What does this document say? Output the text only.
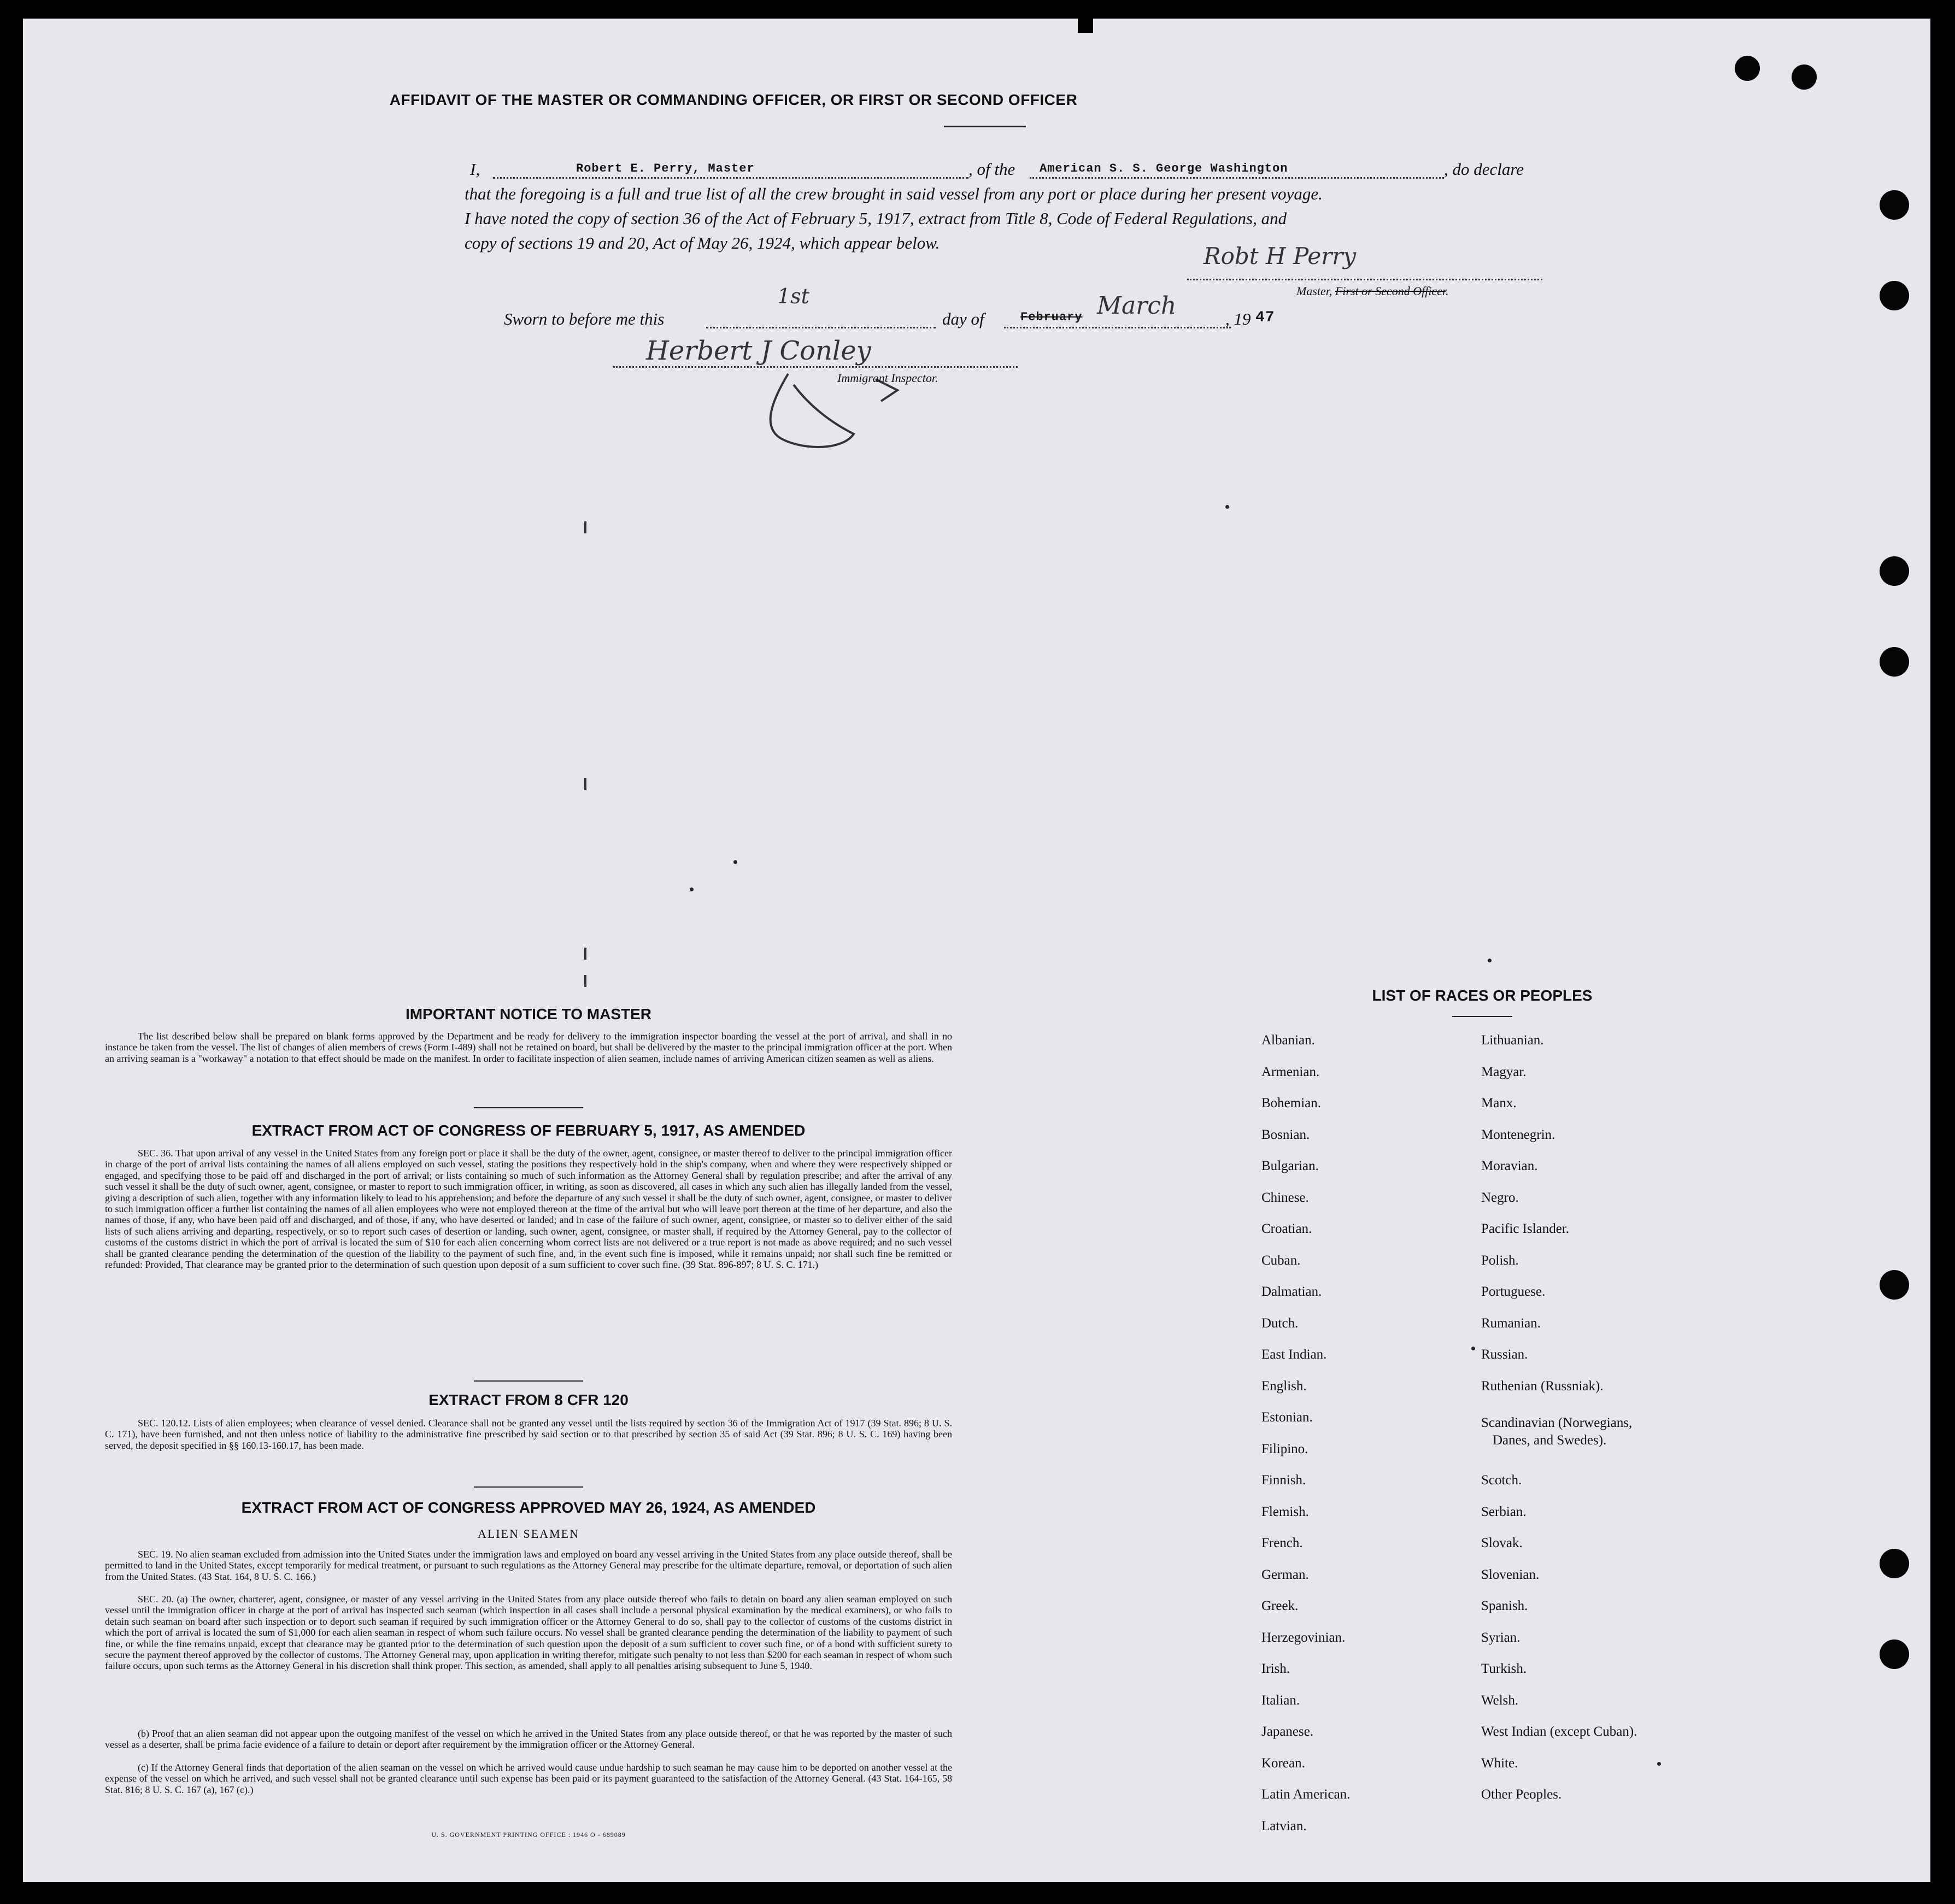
AFFIDAVIT OF THE MASTER OR COMMANDING OFFICER, OR FIRST OR SECOND OFFICER
I,	Robert E. Perry, Master	, of the American S. S. George Washington	, do declare
that the foregoing is a full and true list of all the crew brought in said vessel from any port or place during her present voyage.
I have noted the copy of section 36 of the Act of February 5, 1917, extract from Title 8, Code of Federal Regulations, and
copy of sections 19 and 20, Act of May 26, 1924, which appear below.	Robt H Perry
Master, First or Second Officer.
Sworn to before me this
1st
day of	February March	, 19 47
Herbert J Conley
Immigrant Inspector.
IMPORTANT NOTICE TO MASTER
The list described below shall be prepared on blank forms approved by the Department and be ready for delivery to the immigration inspector boarding the vessel at the port of arrival, and shall in no instance be taken from the vessel. The list of changes of alien members of crews (Form I-489) shall not be retained on board, but shall be delivered by the master to the principal immigration officer at the port. When an arriving seaman is a "workaway" a notation to that effect should be made on the manifest. In order to facilitate inspection of alien seamen, include names of arriving American citizen seamen as well as aliens.
EXTRACT FROM ACT OF CONGRESS OF FEBRUARY 5, 1917, AS AMENDED
SEC. 36. That upon arrival of any vessel in the United States from any foreign port or place it shall be the duty of the owner, agent, consignee, or master thereof to deliver to the principal immigration officer in charge of the port of arrival lists containing the names of all aliens employed on such vessel, stating the positions they respectively hold in the ship's company, when and where they were respectively shipped or engaged, and specifying those to be paid off and discharged in the port of arrival; or lists containing so much of such information as the Attorney General shall by regulation prescribe; and after the arrival of any such vessel it shall be the duty of such owner, agent, consignee, or master to report to such immigration officer, in writing, as soon as discovered, all cases in which any such alien has illegally landed from the vessel, giving a description of such alien, together with any information likely to lead to his apprehension; and before the departure of any such vessel it shall be the duty of such owner, agent, consignee, or master to deliver to such immigration officer a further list containing the names of all alien employees who were not employed thereon at the time of the arrival but who will leave port thereon at the time of her departure, and also the names of those, if any, who have been paid off and discharged, and of those, if any, who have deserted or landed; and in case of the failure of such owner, agent, consignee, or master so to deliver either of the said lists of such aliens arriving and departing, respectively, or so to report such cases of desertion or landing, such owner, agent, consignee, or master shall, if required by the Attorney General, pay to the collector of customs of the customs district in which the port of arrival is located the sum of $10 for each alien concerning whom correct lists are not delivered or a true report is not made as above required; and no such vessel shall be granted clearance pending the determination of the question of the liability to the payment of such fine, and, in the event such fine is imposed, while it remains unpaid; nor shall such fine be remitted or refunded: Provided, That clearance may be granted prior to the determination of such question upon deposit of a sum sufficient to cover such fine. (39 Stat. 896-897; 8 U. S. C. 171.)
EXTRACT FROM 8 CFR 120
SEC. 120.12. Lists of alien employees; when clearance of vessel denied. Clearance shall not be granted any vessel until the lists required by section 36 of the Immigration Act of 1917 (39 Stat. 896; 8 U. S. C. 171), have been furnished, and not then unless notice of liability to the administrative fine prescribed by said section or to that prescribed by section 35 of said Act (39 Stat. 896; 8 U. S. C. 169) having been served, the deposit specified in §§ 160.13-160.17, has been made.
EXTRACT FROM ACT OF CONGRESS APPROVED MAY 26, 1924, AS AMENDED
ALIEN SEAMEN
SEC. 19. No alien seaman excluded from admission into the United States under the immigration laws and employed on board any vessel arriving in the United States from any place outside thereof, shall be permitted to land in the United States, except temporarily for medical treatment, or pursuant to such regulations as the Attorney General may prescribe for the ultimate departure, removal, or deportation of such alien from the United States. (43 Stat. 164, 8 U. S. C. 166.)
SEC. 20. (a) The owner, charterer, agent, consignee, or master of any vessel arriving in the United States from any place outside thereof who fails to detain on board any alien seaman employed on such vessel until the immigration officer in charge at the port of arrival has inspected such seaman (which inspection in all cases shall include a personal physical examination by the medical examiners), or who fails to detain such seaman on board after such inspection or to deport such seaman if required by such immigration officer or the Attorney General to do so, shall pay to the collector of customs of the customs district in which the port of arrival is located the sum of $1,000 for each alien seaman in respect of whom such failure occurs. No vessel shall be granted clearance pending the determination of the liability to payment of such fine, or while the fine remains unpaid, except that clearance may be granted prior to the determination of such question upon the deposit of a sum sufficient to cover such fine, or of a bond with sufficient surety to secure the payment thereof approved by the collector of customs. The Attorney General may, upon application in writing therefor, mitigate such penalty to not less than $200 for each seaman in respect of whom such failure occurs, upon such terms as the Attorney General in his discretion shall think proper. This section, as amended, shall apply to all penalties arising subsequent to June 5, 1940.
(b) Proof that an alien seaman did not appear upon the outgoing manifest of the vessel on which he arrived in the United States from any place outside thereof, or that he was reported by the master of such vessel as a deserter, shall be prima facie evidence of a failure to detain or deport after requirement by the immigration officer or the Attorney General.
(c) If the Attorney General finds that deportation of the alien seaman on the vessel on which he arrived would cause undue hardship to such seaman he may cause him to be deported on another vessel at the expense of the vessel on which he arrived, and such vessel shall not be granted clearance until such expense has been paid or its payment guaranteed to the satisfaction of the Attorney General. (43 Stat. 164-165, 58 Stat. 816; 8 U. S. C. 167 (a), 167 (c).)
U. S. GOVERNMENT PRINTING OFFICE : 1946 O - 689089
LIST OF RACES OR PEOPLES
Albanian.
Armenian.
Bohemian.
Bosnian.
Bulgarian.
Chinese.
Croatian.
Cuban.
Dalmatian.
Dutch.
East Indian.
English.
Estonian.
Filipino.
Finnish.
Flemish.
French.
German.
Greek.
Herzegovinian.
Irish.
Italian.
Japanese.
Korean.
Latin American.
Latvian.
Lithuanian.
Magyar.
Manx.
Montenegrin.
Moravian.
Negro.
Pacific Islander.
Polish.
Portuguese.
Rumanian.
Russian.
Ruthenian (Russniak).
Scandinavian (Norwegians,
Danes, and Swedes).
Scotch.
Serbian.
Slovak.
Slovenian.
Spanish.
Syrian.
Turkish.
Welsh.
West Indian (except Cuban).
White.
Other Peoples.
